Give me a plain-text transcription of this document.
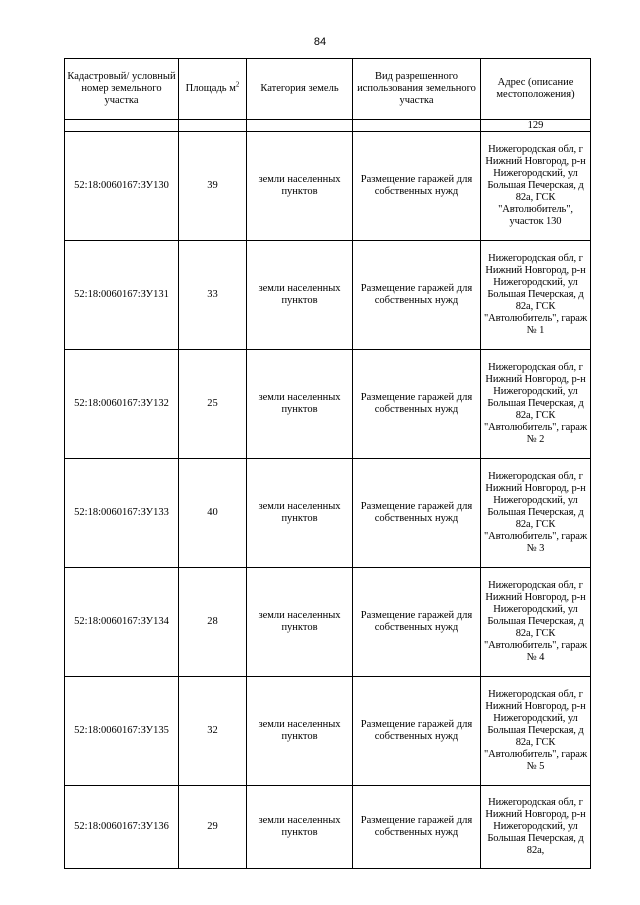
84
Кадастровый/ условный номер земельного участка	Площадь $м^2$	Категория земель	Вид разрешенного использования земельного участка	Адрес (описание местоположения)
				129
52:18:0060167:ЗУ130	39	земли населенных пунктов	Размещение гаражей для собственных нужд	Нижегородская обл, г Нижний Новгород, р-н Нижегородский, ул Большая Печерская, д 82а, ГСК "Автолюбитель", участок 130
52:18:0060167:ЗУ131	33	земли населенных пунктов	Размещение гаражей для собственных нужд	Нижегородская обл, г Нижний Новгород, р-н Нижегородский, ул Большая Печерская, д 82а, ГСК "Автолюбитель", гараж № 1
52:18:0060167:ЗУ132	25	земли населенных пунктов	Размещение гаражей для собственных нужд	Нижегородская обл, г Нижний Новгород, р-н Нижегородский, ул Большая Печерская, д 82а, ГСК "Автолюбитель", гараж № 2
52:18:0060167:ЗУ133	40	земли населенных пунктов	Размещение гаражей для собственных нужд	Нижегородская обл, г Нижний Новгород, р-н Нижегородский, ул Большая Печерская, д 82а, ГСК "Автолюбитель", гараж № 3
52:18:0060167:ЗУ134	28	земли населенных пунктов	Размещение гаражей для собственных нужд	Нижегородская обл, г Нижний Новгород, р-н Нижегородский, ул Большая Печерская, д 82а, ГСК "Автолюбитель", гараж № 4
52:18:0060167:ЗУ135	32	земли населенных пунктов	Размещение гаражей для собственных нужд	Нижегородская обл, г Нижний Новгород, р-н Нижегородский, ул Большая Печерская, д 82а, ГСК "Автолюбитель", гараж № 5
52:18:0060167:ЗУ136	29	земли населенных пунктов	Размещение гаражей для собственных нужд	Нижегородская обл, г Нижний Новгород, р-н Нижегородский, ул Большая Печерская, д 82а,
